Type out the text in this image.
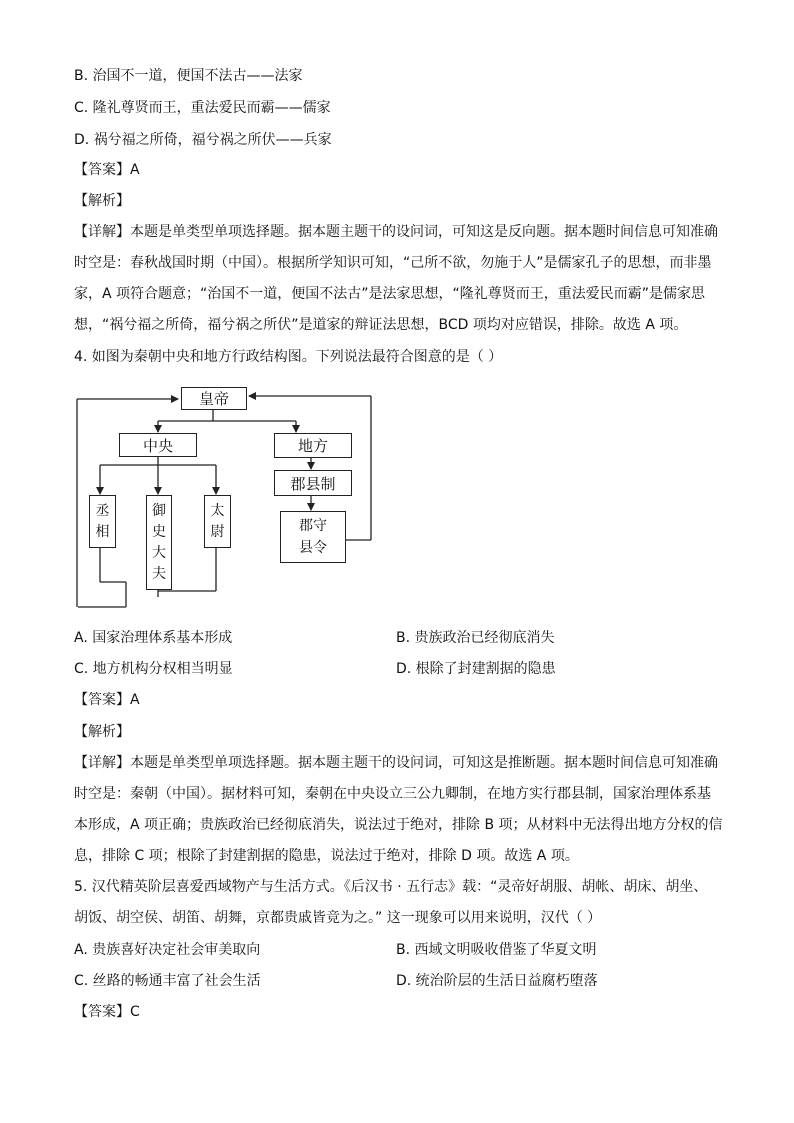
B. 治国不一道，便国不法古——法家
C. 隆礼尊贤而王，重法爱民而霸——儒家
D. 祸兮福之所倚，福兮祸之所伏——兵家
【答案】A
【解析】
【详解】本题是单类型单项选择题。据本题主题干的设问词，可知这是反向题。据本题时间信息可知准确
时空是：春秋战国时期（中国）。根据所学知识可知，“己所不欲，勿施于人”是儒家孔子的思想，而非墨
家，A 项符合题意；“治国不一道，便国不法古”是法家思想，“隆礼尊贤而王，重法爱民而霸”是儒家思
想，“祸兮福之所倚，福兮祸之所伏”是道家的辩证法思想，BCD 项均对应错误，排除。故选 A 项。
4. 如图为秦朝中央和地方行政结构图。下列说法最符合图意的是（ ）
皇帝
中央	地方
郡县制
丞相
御史大夫
太尉	郡守县令
A. 国家治理体系基本形成	B. 贵族政治已经彻底消失
C. 地方机构分权相当明显	D. 根除了封建割据的隐患
【答案】A
【解析】
【详解】本题是单类型单项选择题。据本题主题干的设问词，可知这是推断题。据本题时间信息可知准确
时空是：秦朝（中国）。据材料可知，秦朝在中央设立三公九卿制，在地方实行郡县制，国家治理体系基
本形成，A 项正确；贵族政治已经彻底消失，说法过于绝对，排除 B 项；从材料中无法得出地方分权的信
息，排除 C 项；根除了封建割据的隐患，说法过于绝对，排除 D 项。故选 A 项。
5. 汉代精英阶层喜爱西域物产与生活方式。《后汉书 · 五行志》载：“灵帝好胡服、胡帐、胡床、胡坐、
胡饭、胡空侯、胡笛、胡舞，京都贵戚皆竞为之。” 这一现象可以用来说明，汉代（ ）
A. 贵族喜好决定社会审美取向	B. 西域文明吸收借鉴了华夏文明
C. 丝路的畅通丰富了社会生活	D. 统治阶层的生活日益腐朽堕落
【答案】C
